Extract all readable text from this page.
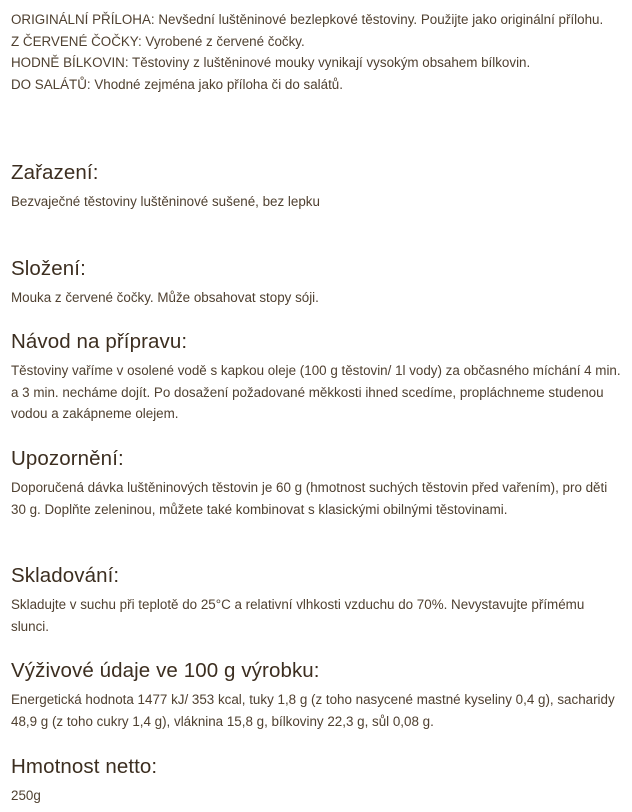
ORIGINÁLNÍ PŘÍLOHA: Nevšední luštěninové bezlepkové těstoviny. Použijte jako originální přílohu.

Z ČERVENÉ ČOČKY: Vyrobené z červené čočky.

HODNĚ BÍLKOVIN: Těstoviny z luštěninové mouky vynikají vysokým obsahem bílkovin.

DO SALÁTŮ: Vhodné zejména jako příloha či do salátů.

Zařazení:

Bezvaječné těstoviny luštěninové sušené, bez lepku

Složení:

Mouka z červené čočky. Může obsahovat stopy sóji.

Návod na přípravu:

Těstoviny vaříme v osolené vodě s kapkou oleje (100 g těstovin/ 1l vody) za občasného míchání 4 min. a 3 min. necháme dojít. Po dosažení požadované měkkosti ihned scedíme, propláchneme studenou vodou a zakápneme olejem.

Upozornění:

Doporučená dávka luštěninových těstovin je 60 g (hmotnost suchých těstovin před vařením), pro děti 30 g. Doplňte zeleninou, můžete také kombinovat s klasickými obilnými těstovinami.

Skladování:

Skladujte v suchu při teplotě do 25°C a relativní vlhkosti vzduchu do 70%. Nevystavujte přímému slunci.

Výživové údaje ve 100 g výrobku:

Energetická hodnota 1477 kJ/ 353 kcal, tuky 1,8 g (z toho nasycené mastné kyseliny 0,4 g), sacharidy 48,9 g (z toho cukry 1,4 g), vláknina 15,8 g, bílkoviny 22,3 g, sůl 0,08 g.

Hmotnost netto:

250g
